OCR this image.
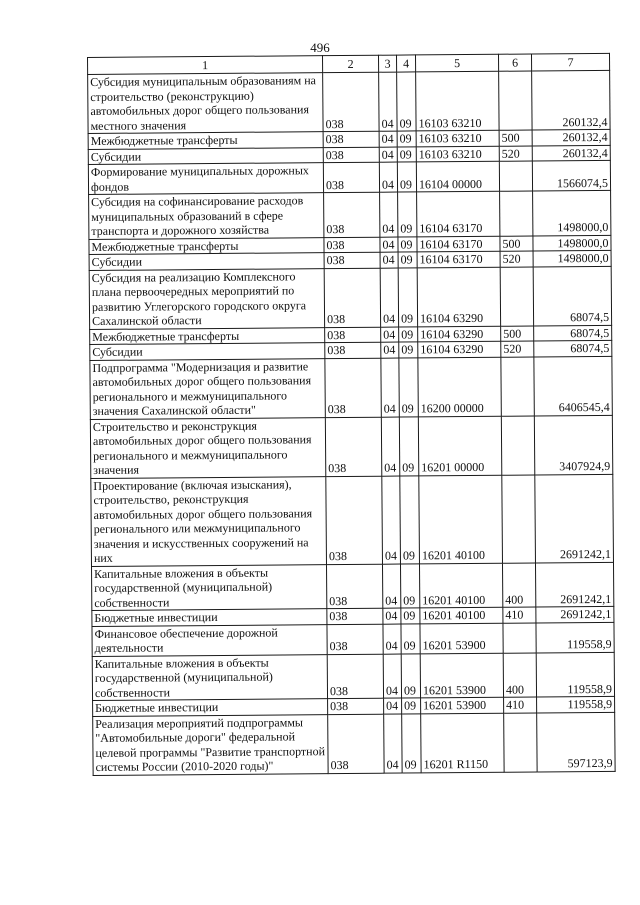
496
1	2	3	4	5	6	7
Субсидия муниципальным образованиям на строительство (реконструкцию) автомобильных дорог общего пользования местного значения	038	04	09	16103 63210		260132,4
Межбюджетные трансферты	038	04	09	16103 63210	500	260132,4
Субсидии	038	04	09	16103 63210	520	260132,4
Формирование муниципальных дорожных фондов	038	04	09	16104 00000		1566074,5
Субсидия на софинансирование расходов муниципальных образований в сфере транспорта и дорожного хозяйства	038	04	09	16104 63170		1498000,0
Межбюджетные трансферты	038	04	09	16104 63170	500	1498000,0
Субсидии	038	04	09	16104 63170	520	1498000,0
Субсидия на реализацию Комплексного плана первоочередных мероприятий по развитию Углегорского городского округа Сахалинской области	038	04	09	16104 63290		68074,5
Межбюджетные трансферты	038	04	09	16104 63290	500	68074,5
Субсидии	038	04	09	16104 63290	520	68074,5
Подпрограмма "Модернизация и развитие автомобильных дорог общего пользования регионального и межмуниципального значения Сахалинской области"	038	04	09	16200 00000		6406545,4
Строительство и реконструкция автомобильных дорог общего пользования регионального и межмуниципального значения	038	04	09	16201 00000		3407924,9
Проектирование (включая изыскания), строительство, реконструкция автомобильных дорог общего пользования регионального или межмуниципального значения и искусственных сооружений на них	038	04	09	16201 40100		2691242,1
Капитальные вложения в объекты государственной (муниципальной) собственности	038	04	09	16201 40100	400	2691242,1
Бюджетные инвестиции	038	04	09	16201 40100	410	2691242,1
Финансовое обеспечение дорожной деятельности	038	04	09	16201 53900		119558,9
Капитальные вложения в объекты государственной (муниципальной) собственности	038	04	09	16201 53900	400	119558,9
Бюджетные инвестиции	038	04	09	16201 53900	410	119558,9
Реализация мероприятий подпрограммы "Автомобильные дороги" федеральной целевой программы "Развитие транспортной системы России (2010-2020 годы)"	038	04	09	16201 R1150		597123,9
